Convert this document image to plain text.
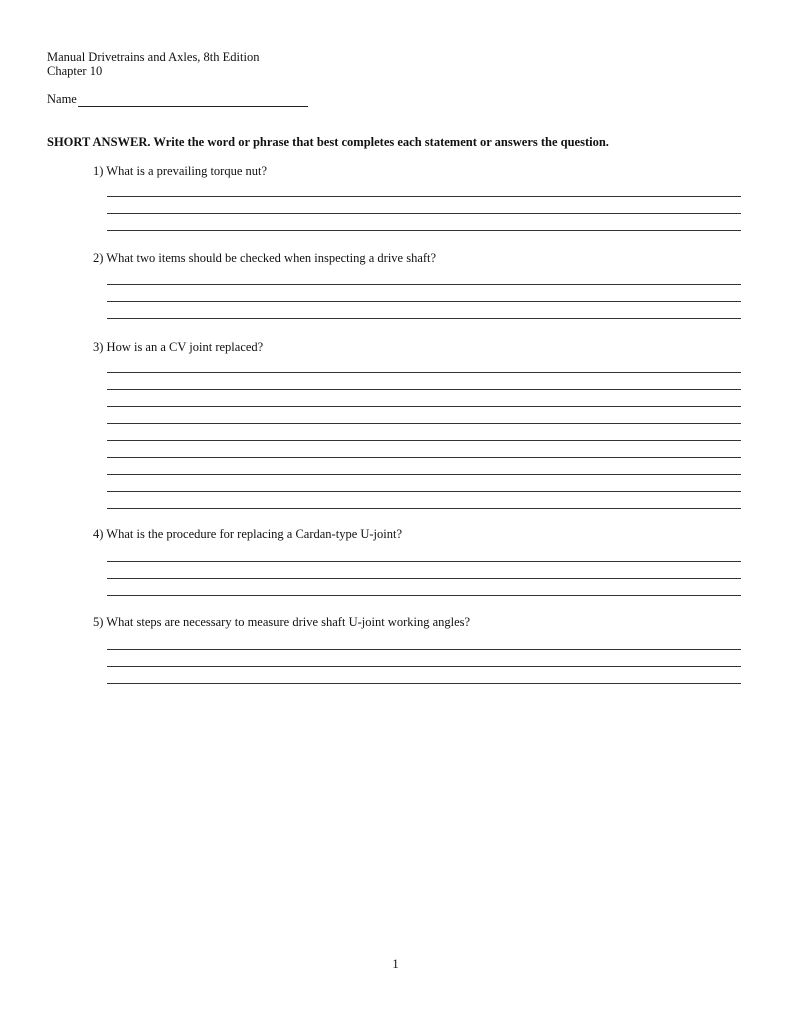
Manual Drivetrains and Axles, 8th Edition
Chapter 10
Name
SHORT ANSWER. Write the word or phrase that best completes each statement or answers the question.
1) What is a prevailing torque nut?
2) What two items should be checked when inspecting a drive shaft?
3) How is an a CV joint replaced?
4) What is the procedure for replacing a Cardan-type U-joint?
5) What steps are necessary to measure drive shaft U-joint working angles?
1
